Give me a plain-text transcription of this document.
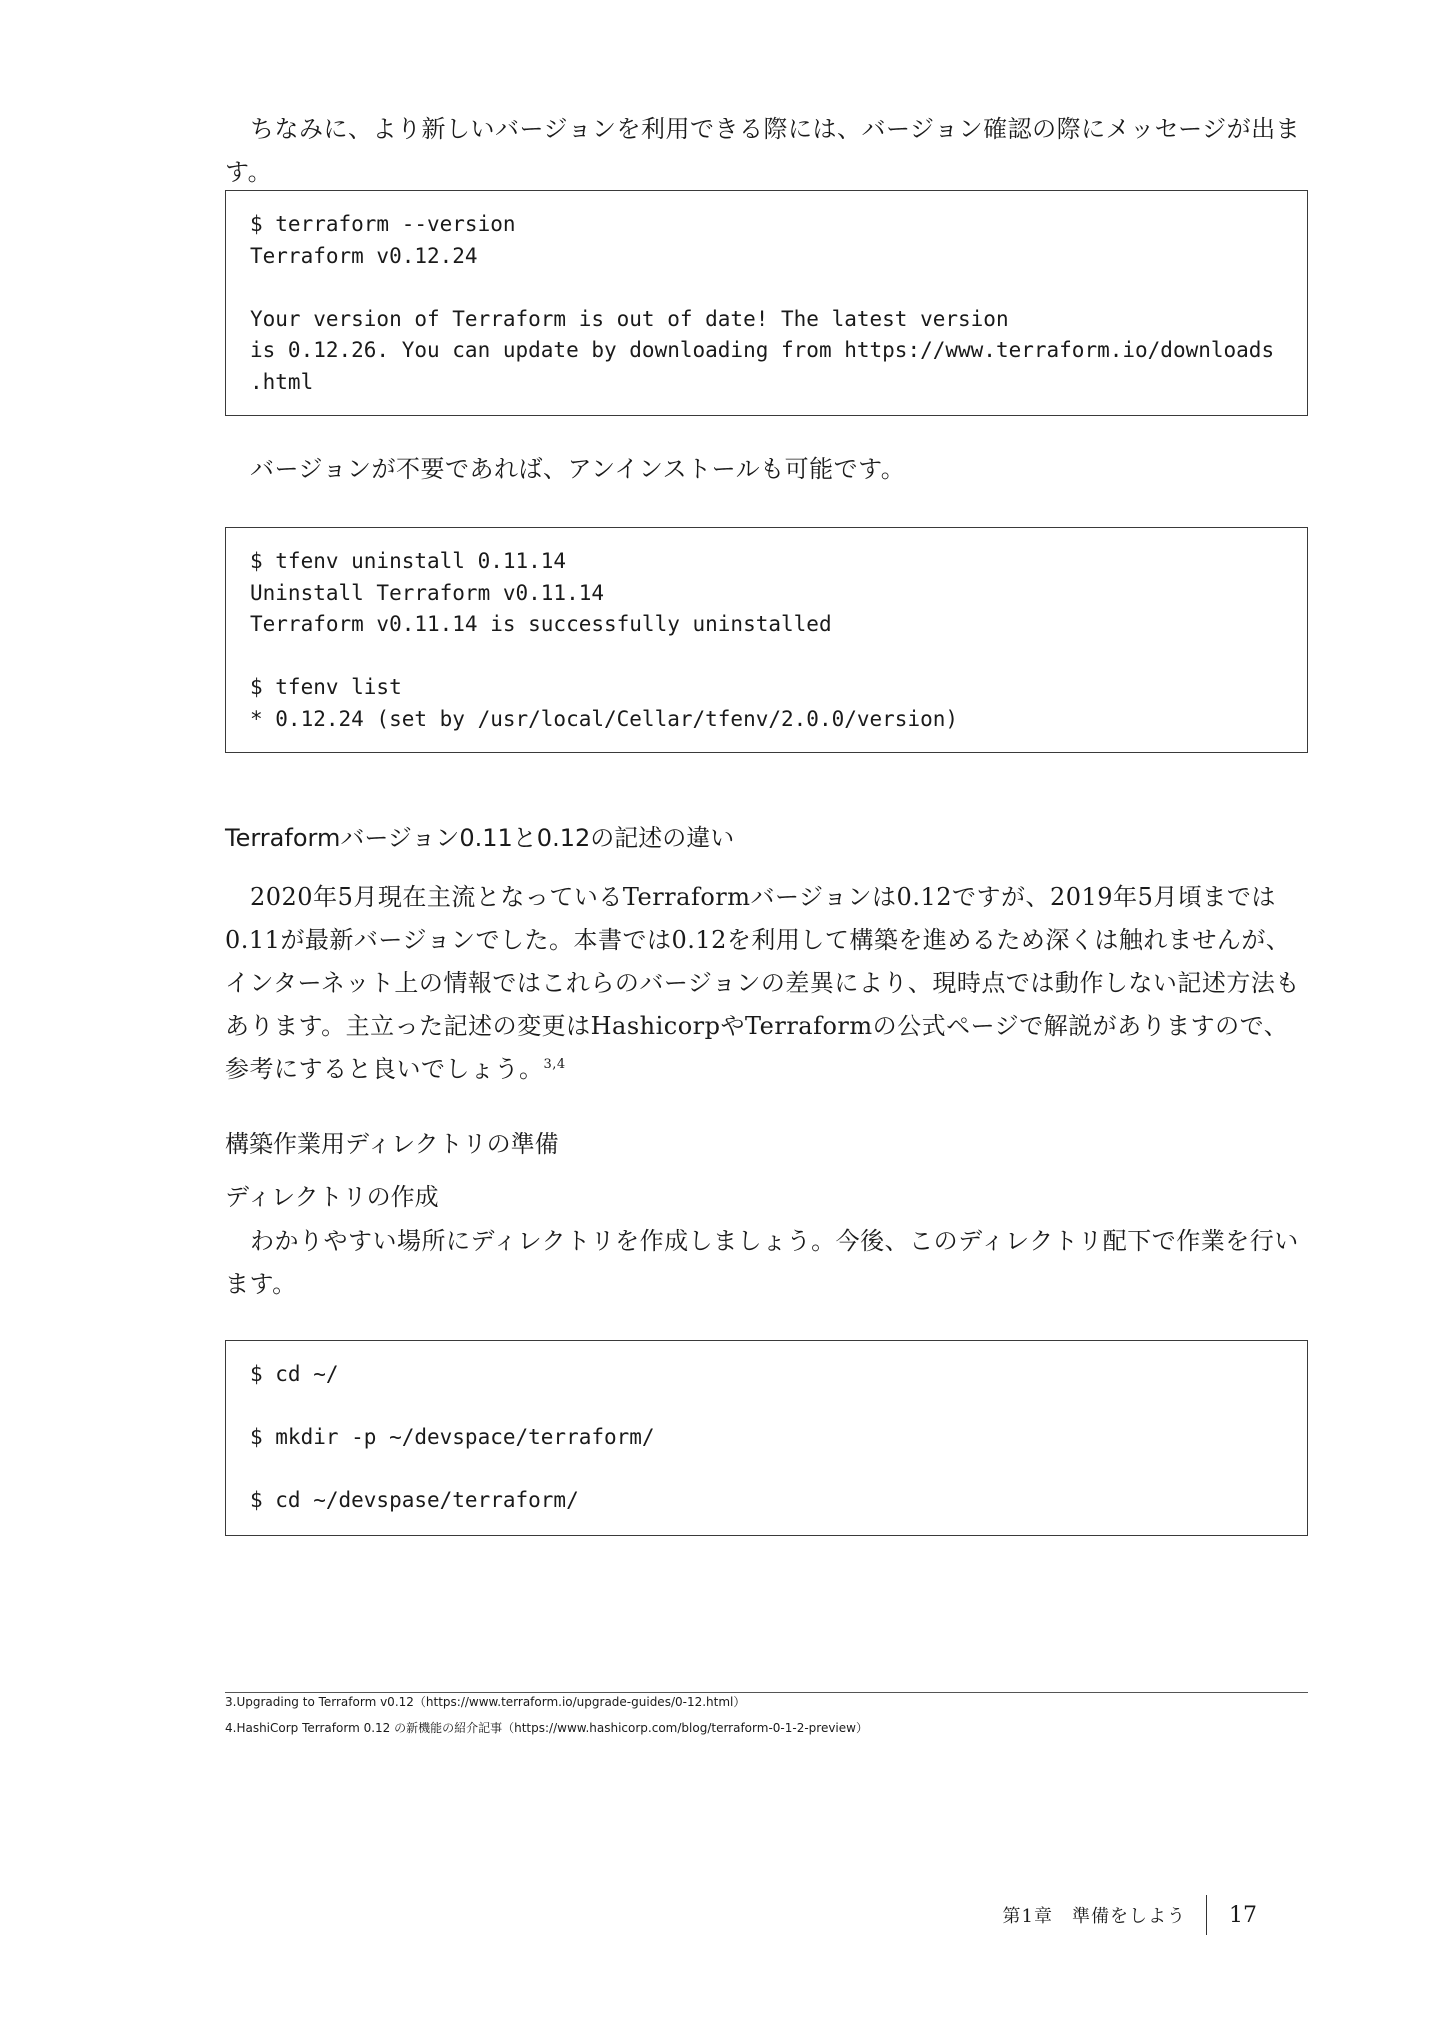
ちなみに、より新しいバージョンを利用できる際には、バージョン確認の際にメッセージが出ます。
$ terraform --version
Terraform v0.12.24
Your version of Terraform is out of date! The latest version
is 0.12.26. You can update by downloading from https://www.terraform.io/downloads
.html
バージョンが不要であれば、アンインストールも可能です。
$ tfenv uninstall 0.11.14
Uninstall Terraform v0.11.14
Terraform v0.11.14 is successfully uninstalled
$ tfenv list
* 0.12.24 (set by /usr/local/Cellar/tfenv/2.0.0/version)
Terraformバージョン0.11と0.12の記述の違い
2020年5月現在主流となっているTerraformバージョンは0.12ですが、2019年5月頃までは0.11が最新バージョンでした。本書では0.12を利用して構築を進めるため深くは触れませんが、インターネット上の情報ではこれらのバージョンの差異により、現時点では動作しない記述方法もあります。主立った記述の変更はHashicorpやTerraformの公式ページで解説がありますので、参考にすると良いでしょう。$^{3,4}$
構築作業用ディレクトリの準備
ディレクトリの作成
わかりやすい場所にディレクトリを作成しましょう。今後、このディレクトリ配下で作業を行います。
$ cd ~/
$ mkdir -p ~/devspace/terraform/
$ cd ~/devspase/terraform/
3.Upgrading to Terraform v0.12（https://www.terraform.io/upgrade-guides/0-12.html）
4.HashiCorp Terraform 0.12 の新機能の紹介記事（https://www.hashicorp.com/blog/terraform-0-1-2-preview）
第1章　準備をしよう 17
